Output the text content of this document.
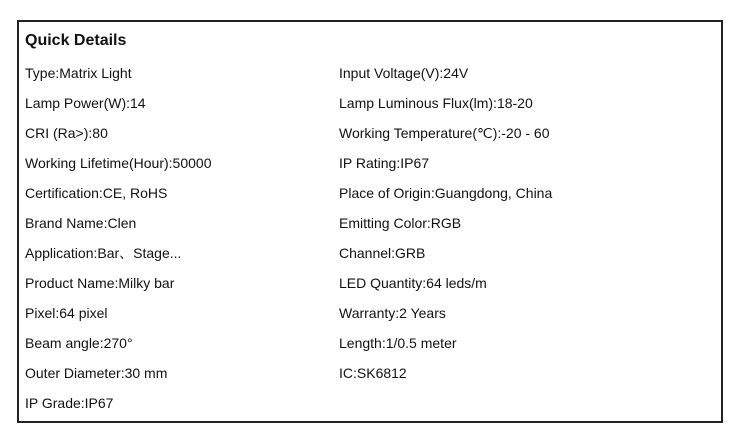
Quick Details
Type:Matrix Light
Lamp Power(W):14
CRI (Ra>):80
Working Lifetime(Hour):50000
Certification:CE, RoHS
Brand Name:Clen
Application:Bar、Stage...
Product Name:Milky bar
Pixel:64 pixel
Beam angle:270°
Outer Diameter:30 mm
IP Grade:IP67
Input Voltage(V):24V
Lamp Luminous Flux(lm):18-20
Working Temperature(℃):-20 - 60
IP Rating:IP67
Place of Origin:Guangdong, China
Emitting Color:RGB
Channel:GRB
LED Quantity:64 leds/m
Warranty:2 Years
Length:1/0.5 meter
IC:SK6812
